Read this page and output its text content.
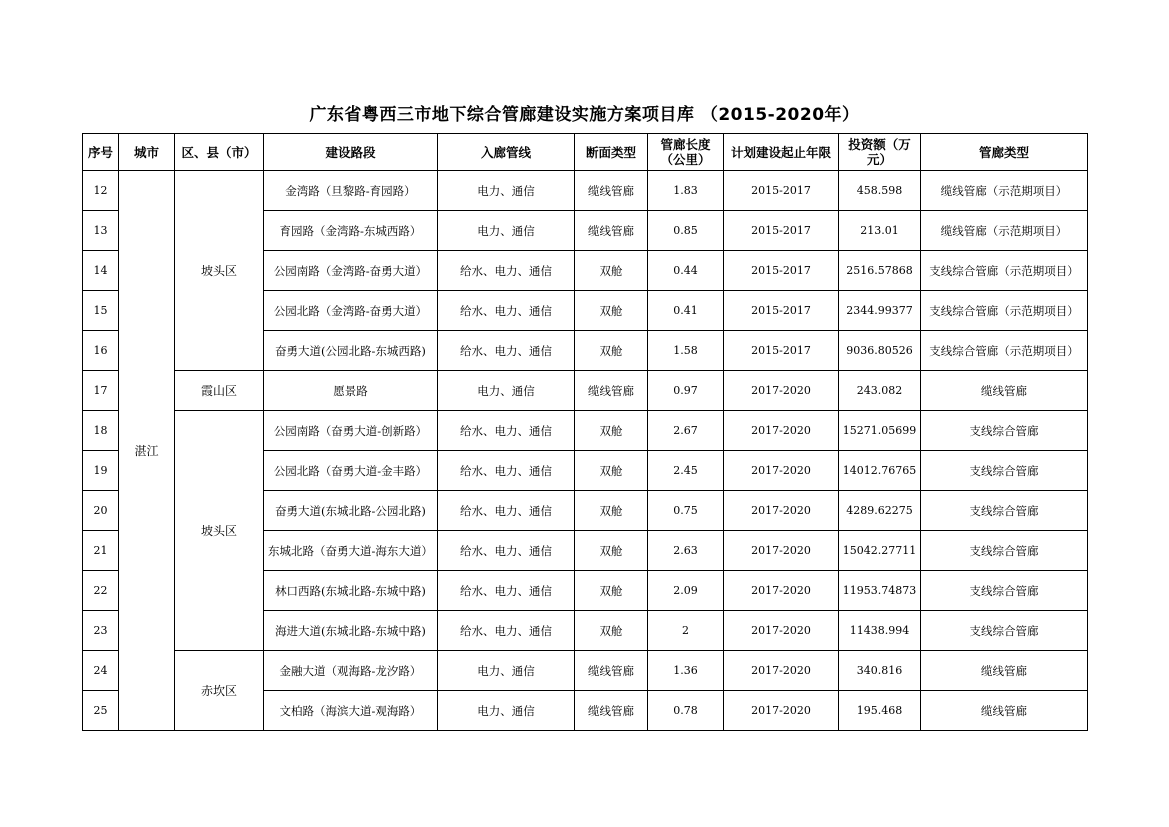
广东省粤西三市地下综合管廊建设实施方案项目库 （2015-2020年）
序号	城市	区、县（市）	建设路段	入廊管线	断面类型	管廊长度（公里）	计划建设起止年限	投资额（万元）	管廊类型
12	湛江	坡头区	金湾路（旦黎路-育园路）	电力、通信	缆线管廊	1.83	2015-2017	458.598	缆线管廊（示范期项目）
13			育园路（金湾路-东城西路）	电力、通信	缆线管廊	0.85	2015-2017	213.01	缆线管廊（示范期项目）
14			公园南路（金湾路-奋勇大道）	给水、电力、通信	双舱	0.44	2015-2017	2516.57868	支线综合管廊（示范期项目）
15			公园北路（金湾路-奋勇大道）	给水、电力、通信	双舱	0.41	2015-2017	2344.99377	支线综合管廊（示范期项目）
16			奋勇大道(公园北路-东城西路)	给水、电力、通信	双舱	1.58	2015-2017	9036.80526	支线综合管廊（示范期项目）
17		霞山区	愿景路	电力、通信	缆线管廊	0.97	2017-2020	243.082	缆线管廊
18		坡头区	公园南路（奋勇大道-创新路）	给水、电力、通信	双舱	2.67	2017-2020	15271.05699	支线综合管廊
19			公园北路（奋勇大道-金丰路）	给水、电力、通信	双舱	2.45	2017-2020	14012.76765	支线综合管廊
20			奋勇大道(东城北路-公园北路)	给水、电力、通信	双舱	0.75	2017-2020	4289.62275	支线综合管廊
21			东城北路（奋勇大道-海东大道）	给水、电力、通信	双舱	2.63	2017-2020	15042.27711	支线综合管廊
22			林口西路(东城北路-东城中路)	给水、电力、通信	双舱	2.09	2017-2020	11953.74873	支线综合管廊
23			海进大道(东城北路-东城中路)	给水、电力、通信	双舱	2	2017-2020	11438.994	支线综合管廊
24		赤坎区	金融大道（观海路-龙汐路）	电力、通信	缆线管廊	1.36	2017-2020	340.816	缆线管廊
25			文柏路（海滨大道-观海路）	电力、通信	缆线管廊	0.78	2017-2020	195.468	缆线管廊
